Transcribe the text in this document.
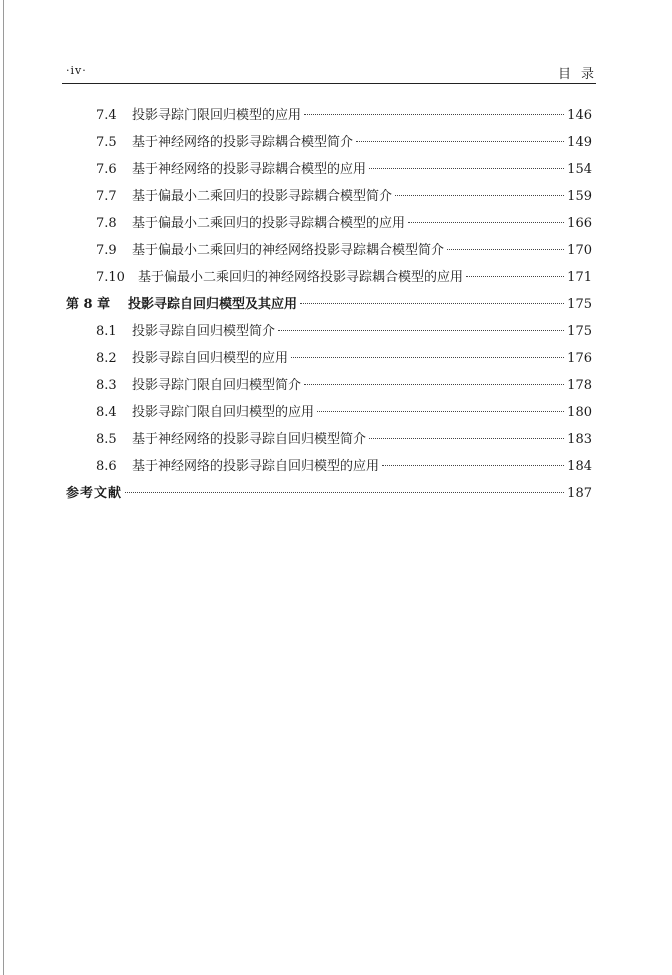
·iv·	目录
7.4	投影寻踪门限回归模型的应用	146
7.5	基于神经网络的投影寻踪耦合模型简介	149
7.6	基于神经网络的投影寻踪耦合模型的应用	154
7.7	基于偏最小二乘回归的投影寻踪耦合模型简介	159
7.8	基于偏最小二乘回归的投影寻踪耦合模型的应用	166
7.9	基于偏最小二乘回归的神经网络投影寻踪耦合模型简介	170
7.10	基于偏最小二乘回归的神经网络投影寻踪耦合模型的应用	171
第 8 章	投影寻踪自回归模型及其应用	175
8.1	投影寻踪自回归模型简介	175
8.2	投影寻踪自回归模型的应用	176
8.3	投影寻踪门限自回归模型简介	178
8.4	投影寻踪门限自回归模型的应用	180
8.5	基于神经网络的投影寻踪自回归模型简介	183
8.6	基于神经网络的投影寻踪自回归模型的应用	184
参考文献	187
